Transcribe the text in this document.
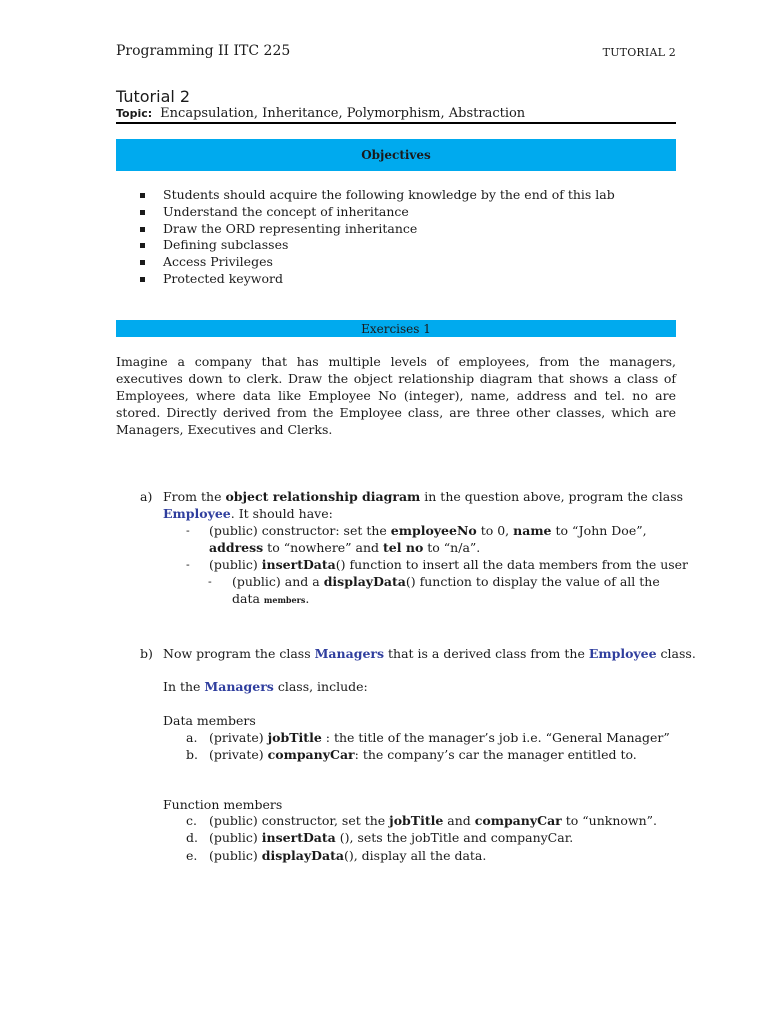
Programming II ITC 225	TUTORIAL 2
Tutorial 2
Topic: Encapsulation, Inheritance, Polymorphism, Abstraction
Objectives
Students should acquire the following knowledge by the end of this lab
Understand the concept of inheritance
Draw the ORD representing inheritance
Defining subclasses
Access Privileges
Protected keyword
Exercises 1
Imagine a company that has multiple levels of employees, from the managers, executives down to clerk. Draw the object relationship diagram that shows a class of Employees, where data like Employee No (integer), name, address and tel. no are stored. Directly derived from the Employee class, are three other classes, which are Managers, Executives and Clerks.
a) From the object relationship diagram in the question above, program the class
Employee. It should have:
- (public) constructor: set the employeeNo to 0, name to “John Doe”,
address to “nowhere” and tel no to “n/a”.
- (public) insertData() function to insert all the data members from the user
- (public) and a displayData() function to display the value of all the
data members.
b) Now program the class Managers that is a derived class from the Employee class.
In the Managers class, include:
Data members
a. (private) jobTitle : the title of the manager’s job i.e. “General Manager”
b. (private) companyCar: the company’s car the manager entitled to.
Function members
c. (public) constructor, set the jobTitle and companyCar to “unknown”.
d. (public) insertData (), sets the jobTitle and companyCar.
e. (public) displayData(), display all the data.
